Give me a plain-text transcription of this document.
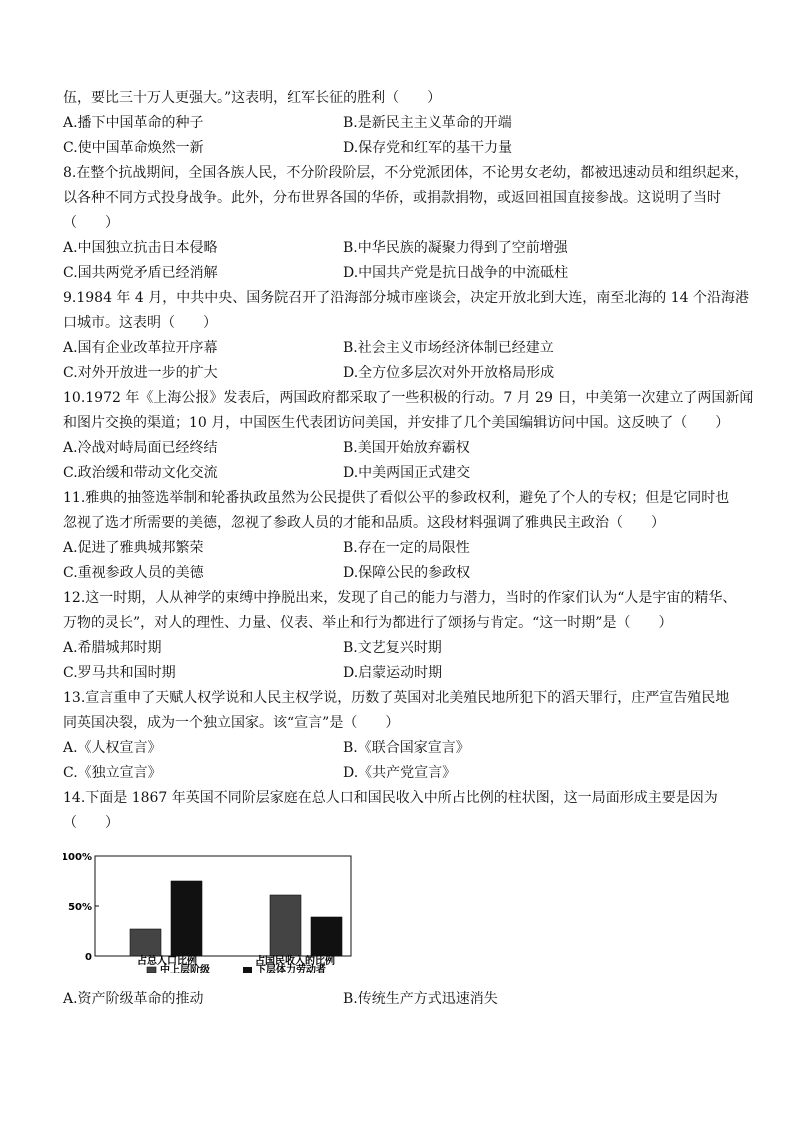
伍，要比三十万人更强大。”这表明，红军长征的胜利（　　）
A.播下中国革命的种子	B.是新民主主义革命的开端
C.使中国革命焕然一新	D.保存党和红军的基干力量
8.在整个抗战期间，全国各族人民，不分阶段阶层，不分党派团体，不论男女老幼，都被迅速动员和组织起来，
以各种不同方式投身战争。此外，分布世界各国的华侨，或捐款捐物，或返回祖国直接参战。这说明了当时
（　　）
A.中国独立抗击日本侵略	B.中华民族的凝聚力得到了空前增强
C.国共两党矛盾已经消解	D.中国共产党是抗日战争的中流砥柱
9.1984 年 4 月，中共中央、国务院召开了沿海部分城市座谈会，决定开放北到大连，南至北海的 14 个沿海港
口城市。这表明（　　）
A.国有企业改革拉开序幕	B.社会主义市场经济体制已经建立
C.对外开放进一步的扩大	D.全方位多层次对外开放格局形成
10.1972 年《上海公报》发表后，两国政府都采取了一些积极的行动。7 月 29 日，中美第一次建立了两国新闻
和图片交换的渠道；10 月，中国医生代表团访问美国，并安排了几个美国编辑访问中国。这反映了（　　）
A.冷战对峙局面已经终结	B.美国开始放弃霸权
C.政治缓和带动文化交流	D.中美两国正式建交
11.雅典的抽签选举制和轮番执政虽然为公民提供了看似公平的参政权利，避免了个人的专权；但是它同时也
忽视了选才所需要的美德，忽视了参政人员的才能和品质。这段材料强调了雅典民主政治（　　）
A.促进了雅典城邦繁荣	B.存在一定的局限性
C.重视参政人员的美德	D.保障公民的参政权
12.这一时期，人从神学的束缚中挣脱出来，发现了自己的能力与潜力，当时的作家们认为“人是宇宙的精华、
万物的灵长”，对人的理性、力量、仪表、举止和行为都进行了颂扬与肯定。“这一时期”是（　　）
A.希腊城邦时期	B.文艺复兴时期
C.罗马共和国时期	D.启蒙运动时期
13.宣言重申了天赋人权学说和人民主权学说，历数了英国对北美殖民地所犯下的滔天罪行，庄严宣告殖民地
同英国决裂，成为一个独立国家。该“宣言”是（　　）
A.《人权宣言》	B.《联合国家宣言》
C.《独立宣言》	D.《共产党宣言》
14.下面是 1867 年英国不同阶层家庭在总人口和国民收入中所占比例的柱状图，这一局面形成主要是因为
（　　）
100%
50%
0	占总人口比例	占国民收入的比例
中上层阶级	下层体力劳动者
A.资产阶级革命的推动	B.传统生产方式迅速消失
